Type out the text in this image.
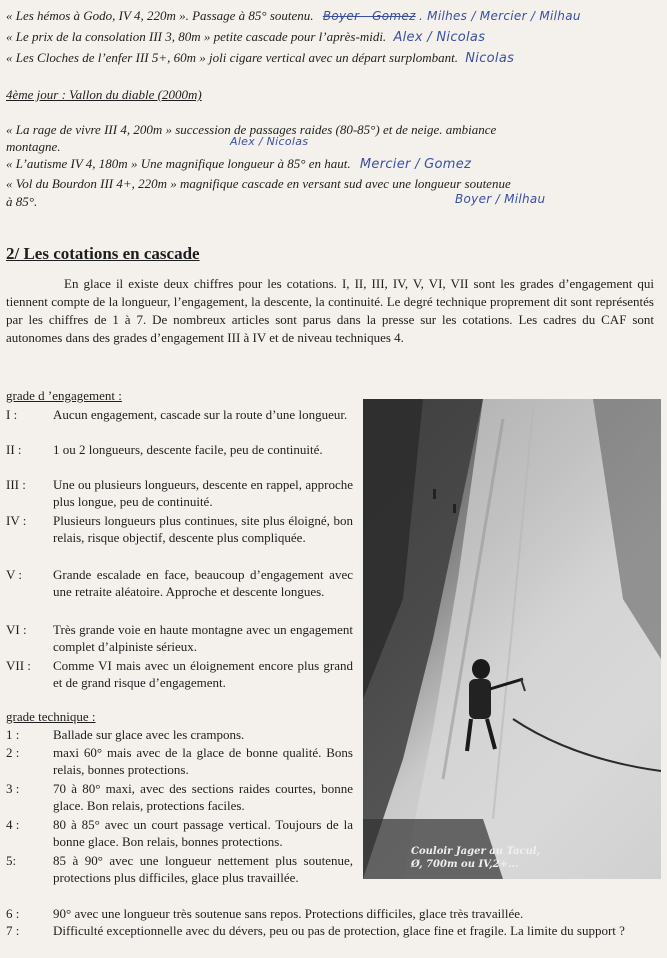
« Les hémos à Godo, IV 4, 220m ». Passage à 85° soutenu. Boyer - Gomez . Milhes / Mercier / Milhau
« Le prix de la consolation III 3, 80m » petite cascade pour l’après-midi. Alex / Nicolas
« Les Cloches de l’enfer III 5+, 60m » joli cigare vertical avec un départ surplombant. Nicolas
4ème jour : Vallon du diable (2000m)
« La rage de vivre III 4, 200m » succession de passages raides (80-85°) et de neige. ambiance
montagne.	Alex / Nicolas
« L’autisme IV 4, 180m » Une magnifique longueur à 85° en haut. Mercier / Gomez
« Vol du Bourdon III 4+, 220m » magnifique cascade en versant sud avec une longueur soutenue
à 85°.	Boyer / Milhau
2/ Les cotations en cascade
En glace il existe deux chiffres pour les cotations. I, II, III, IV, V, VI, VII sont les grades d’engagement qui tiennent compte de la longueur, l’engagement, la descente, la continuité. Le degré technique proprement dit sont représentés par les chiffres de 1 à 7. De nombreux articles sont parus dans la presse sur les cotations. Les cadres du CAF sont autonomes dans des grades d’engagement III à IV et de niveau techniques 4.
grade d ’engagement :
I :	Aucun engagement, cascade sur la route d’une longueur.
II :	1 ou 2 longueurs, descente facile, peu de continuité.
III :	Une ou plusieurs longueurs, descente en rappel, approche plus longue, peu de continuité.
IV :	Plusieurs longueurs plus continues, site plus éloigné, bon relais, risque objectif, descente plus compliquée.
V :	Grande escalade en face, beaucoup d’engagement avec une retraite aléatoire. Approche et descente longues.
VI :	Très grande voie en haute montagne avec un engagement complet d’alpiniste sérieux.
VII :	Comme VI mais avec un éloignement encore plus grand et de grand risque d’engagement.
grade technique :
1 :	Ballade sur glace avec les crampons.
2 :	maxi 60° mais avec de la glace de bonne qualité. Bons relais, bonnes protections.
3 :	70 à 80° maxi, avec des sections raides courtes, bonne glace. Bon relais, protections faciles.
4 :	80 à 85° avec un court passage vertical. Toujours de la bonne glace. Bon relais, bonnes protections.
5:	85 à 90° avec une longueur nettement plus soutenue, protections plus difficiles, glace plus travaillée.
6 :	90° avec une longueur très soutenue sans repos. Protections difficiles, glace très travaillée.
7 :	Difficulté exceptionnelle avec du dévers, peu ou pas de protection, glace fine et fragile. La limite du support ?
Couloir Jager au Tacul,
Ø, 700m ou IV,2+...
